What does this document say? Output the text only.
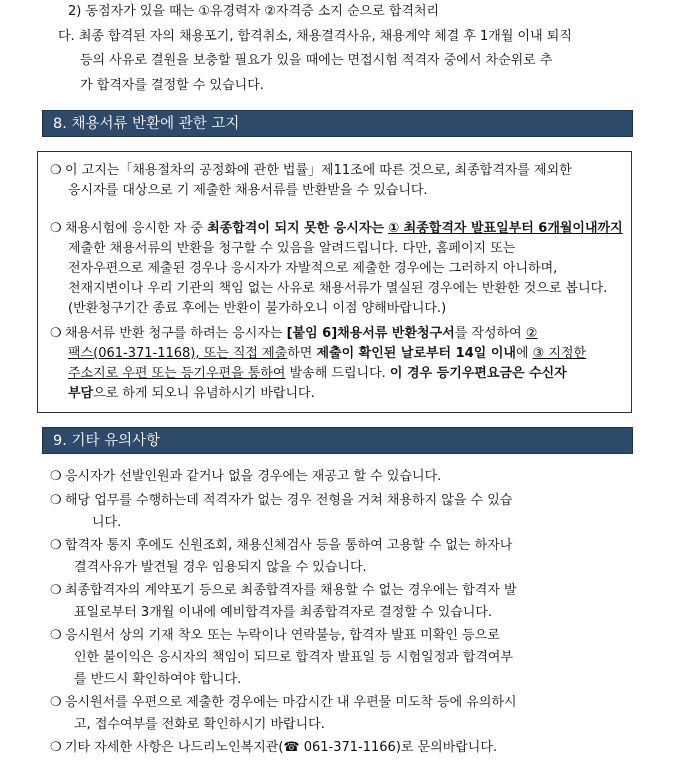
2) 동점자가 있을 때는 ①유경력자 ②자격증 소지 순으로 합격처리
다. 최종 합격된 자의 채용포기, 합격취소, 채용결격사유, 채용계약 체결 후 1개월 이내 퇴직
등의 사유로 결원을 보충할 필요가 있을 때에는 면접시험 적격자 중에서 차순위로 추
가 합격자를 결정할 수 있습니다.
8. 채용서류 반환에 관한 고지
❍ 이 고지는「채용절차의 공정화에 관한 법률」제11조에 따른 것으로, 최종합격자를 제외한
응시자를 대상으로 기 제출한 채용서류를 반환받을 수 있습니다.
❍ 채용시험에 응시한 자 중 최종합격이 되지 못한 응시자는 ① 최종합격자 발표일부터 6개월이내까지
제출한 채용서류의 반환을 청구할 수 있음을 알려드립니다. 다만, 홈페이지 또는
전자우편으로 제출된 경우나 응시자가 자발적으로 제출한 경우에는 그러하지 아니하며,
천재지변이나 우리 기관의 책임 없는 사유로 채용서류가 멸실된 경우에는 반환한 것으로 봅니다.
(반환청구기간 종료 후에는 반환이 불가하오니 이점 양해바랍니다.)
❍ 채용서류 반환 청구를 하려는 응시자는 [붙임 6]채용서류 반환청구서를 작성하여 ②
팩스(061-371-1168), 또는 직접 제출하면 제출이 확인된 날로부터 14일 이내에 ③ 지정한
주소지로 우편 또는 등기우편을 통하여 발송해 드립니다. 이 경우 등기우편요금은 수신자
부담으로 하게 되오니 유념하시기 바랍니다.
9. 기타 유의사항
❍ 응시자가 선발인원과 같거나 없을 경우에는 재공고 할 수 있습니다.
❍ 해당 업무를 수행하는데 적격자가 없는 경우 전형을 거쳐 채용하지 않을 수 있습
니다.
❍ 합격자 통지 후에도 신원조회, 채용신체검사 등을 통하여 고용할 수 없는 하자나
결격사유가 발견될 경우 임용되지 않을 수 있습니다.
❍ 최종합격자의 계약포기 등으로 최종합격자를 채용할 수 없는 경우에는 합격자 발
표일로부터 3개월 이내에 예비합격자를 최종합격자로 결정할 수 있습니다.
❍ 응시원서 상의 기재 착오 또는 누락이나 연락불능, 합격자 발표 미확인 등으로
인한 불이익은 응시자의 책임이 되므로 합격자 발표일 등 시험일정과 합격여부
를 반드시 확인하여야 합니다.
❍ 응시원서를 우편으로 제출한 경우에는 마감시간 내 우편물 미도착 등에 유의하시
고, 접수여부를 전화로 확인하시기 바랍니다.
❍ 기타 자세한 사항은 나드리노인복지관(☎ 061-371-1166)로 문의바랍니다.
